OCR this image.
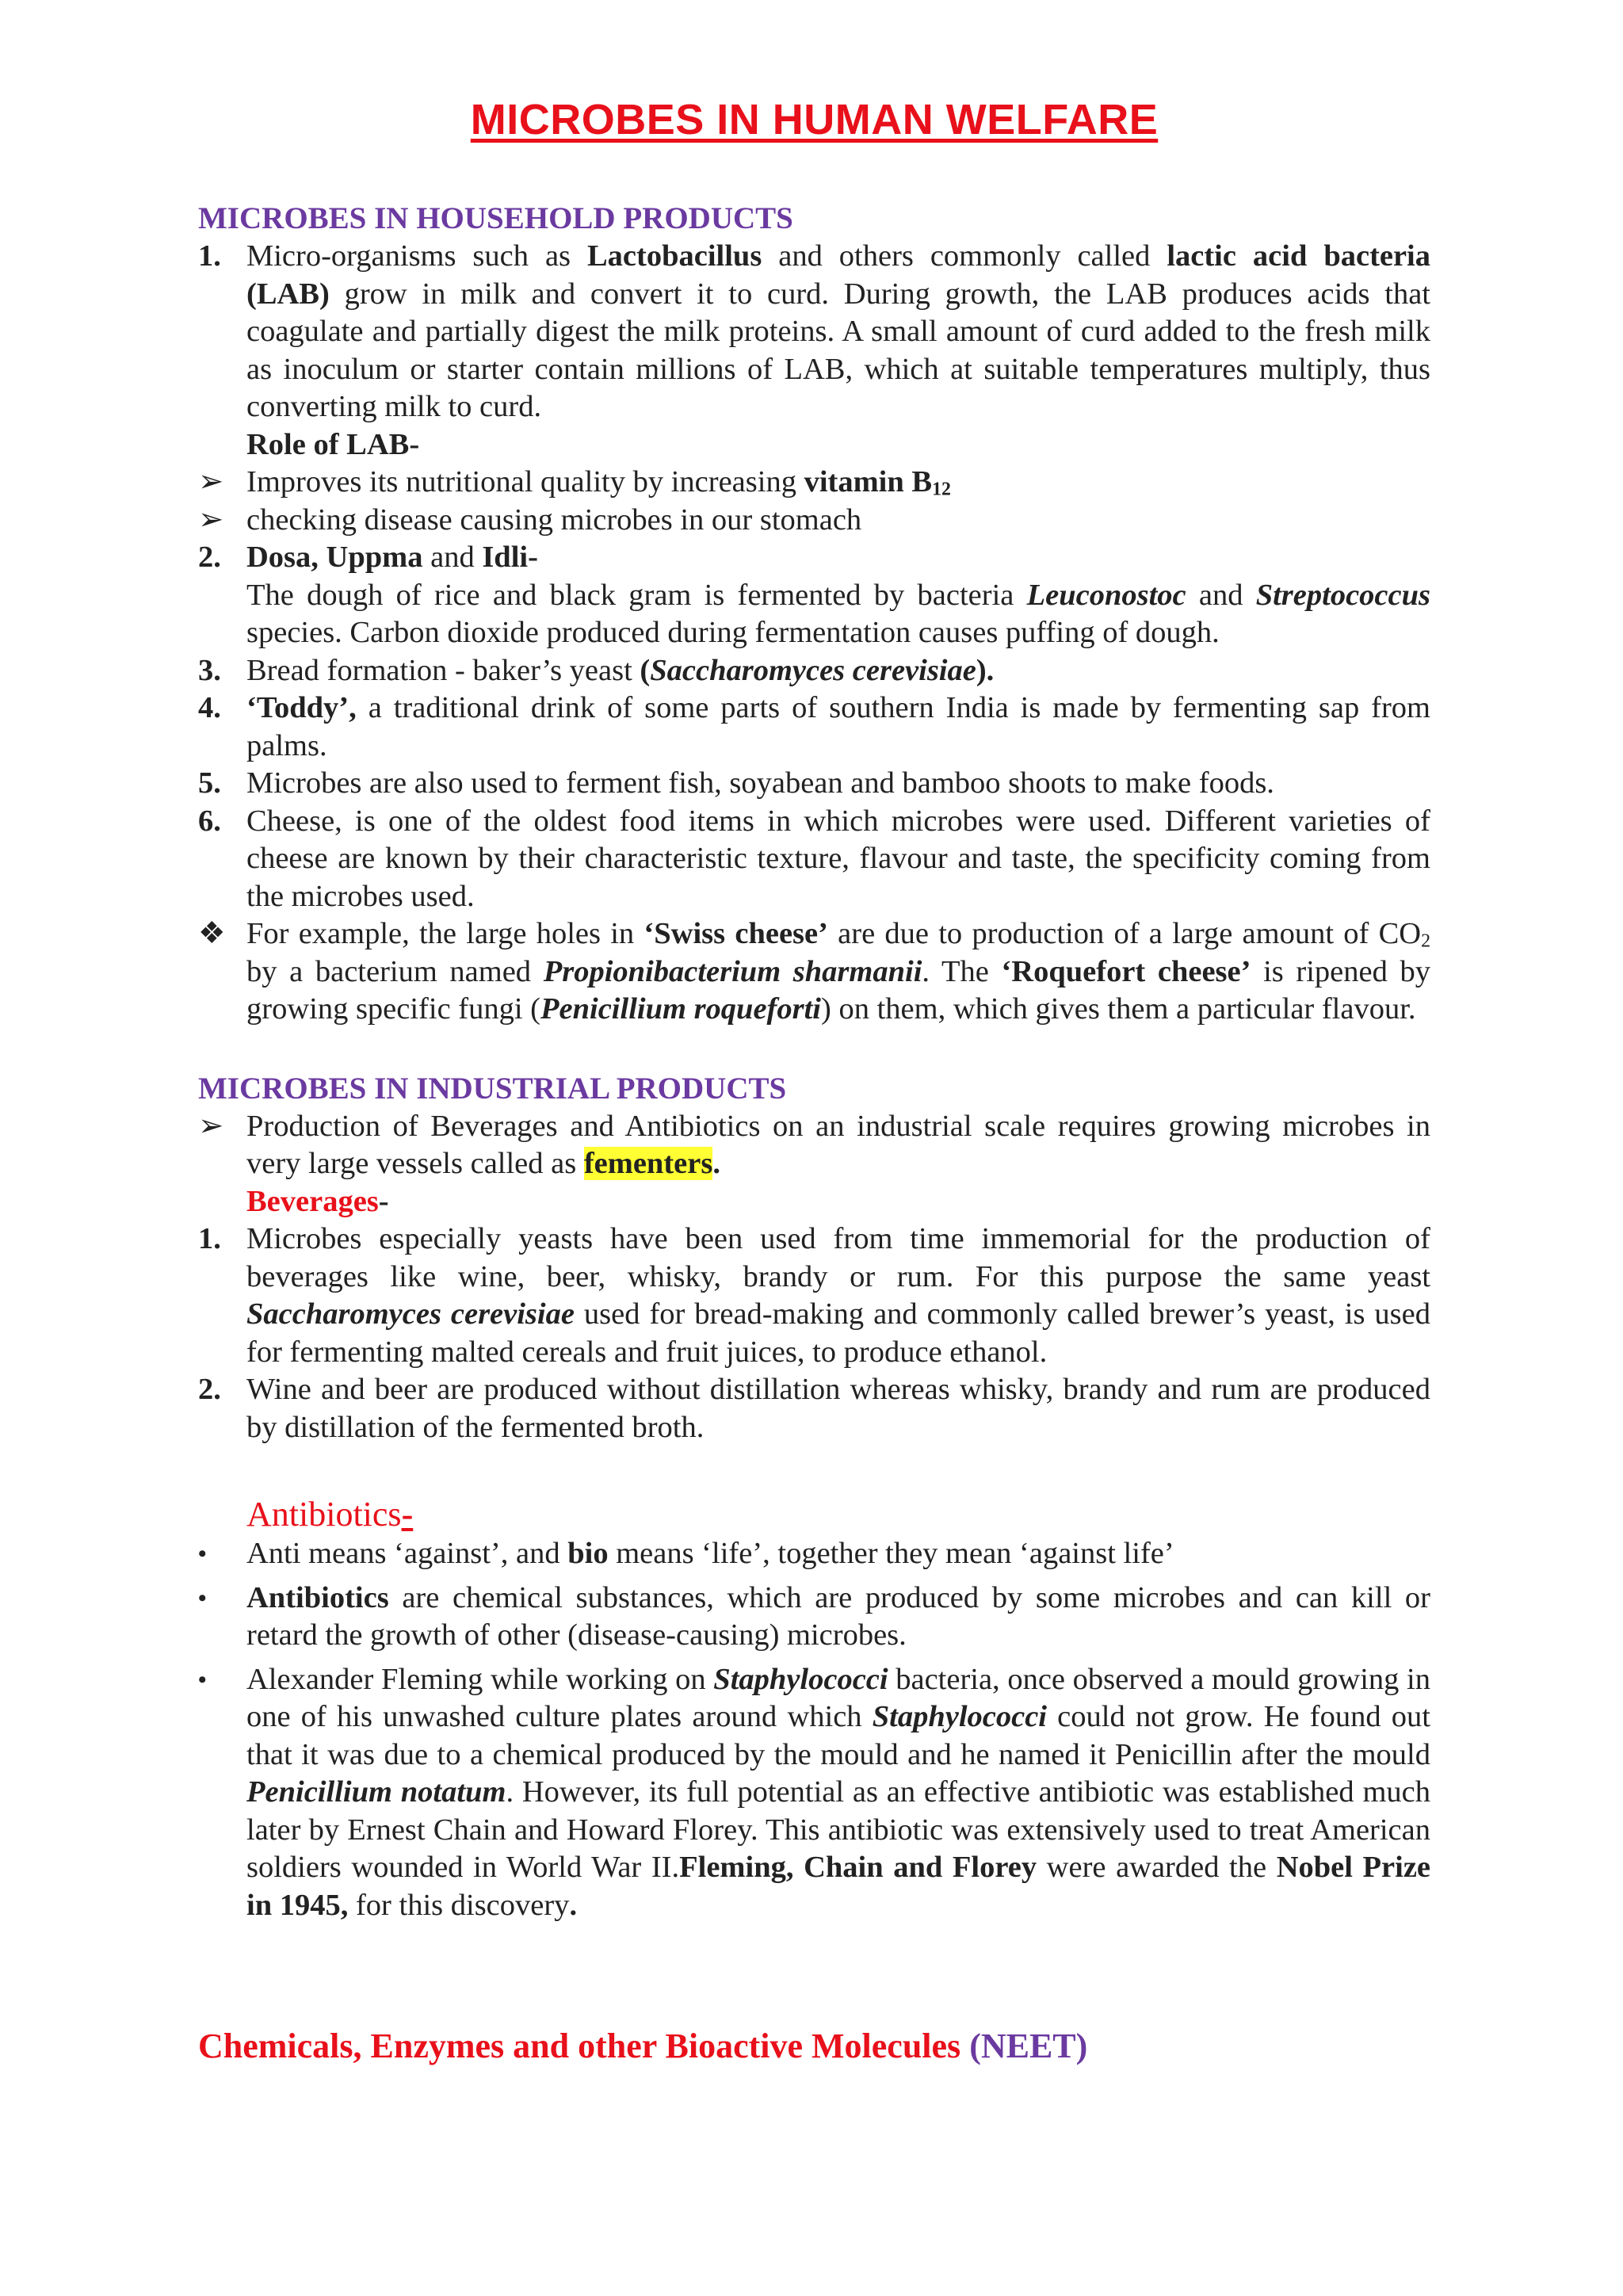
MICROBES IN HUMAN WELFARE

MICROBES IN HOUSEHOLD PRODUCTS

1. Micro-organisms such as Lactobacillus and others commonly called lactic acid bacteria (LAB) grow in milk and convert it to curd. During growth, the LAB produces acids that coagulate and partially digest the milk proteins. A small amount of curd added to the fresh milk as inoculum or starter contain millions of LAB, which at suitable temperatures multiply, thus converting milk to curd.
Role of LAB-
➢ Improves its nutritional quality by increasing vitamin $B_{12}$
➢ checking disease causing microbes in our stomach
2. Dosa, Uppma and Idli-
The dough of rice and black gram is fermented by bacteria Leuconostoc and Streptococcus species. Carbon dioxide produced during fermentation causes puffing of dough.
3. Bread formation - baker’s yeast (Saccharomyces cerevisiae).
4. ‘Toddy’, a traditional drink of some parts of southern India is made by fermenting sap from palms.
5. Microbes are also used to ferment fish, soyabean and bamboo shoots to make foods.
6. Cheese, is one of the oldest food items in which microbes were used. Different varieties of cheese are known by their characteristic texture, flavour and taste, the specificity coming from the microbes used.
❖ For example, the large holes in ‘Swiss cheese’ are due to production of a large amount of $CO_2$ by a bacterium named Propionibacterium sharmanii. The ‘Roquefort cheese’ is ripened by growing specific fungi (Penicillium roqueforti) on them, which gives them a particular flavour.

MICROBES IN INDUSTRIAL PRODUCTS

➢ Production of Beverages and Antibiotics on an industrial scale requires growing microbes in very large vessels called as fementers.
Beverages-
1. Microbes especially yeasts have been used from time immemorial for the production of beverages like wine, beer, whisky, brandy or rum. For this purpose the same yeast Saccharomyces cerevisiae used for bread-making and commonly called brewer’s yeast, is used for fermenting malted cereals and fruit juices, to produce ethanol.
2. Wine and beer are produced without distillation whereas whisky, brandy and rum are produced by distillation of the fermented broth.
Antibiotics-
• Anti means ‘against’, and bio means ‘life’, together they mean ‘against life’
• Antibiotics are chemical substances, which are produced by some microbes and can kill or retard the growth of other (disease-causing) microbes.
• Alexander Fleming while working on Staphylococci bacteria, once observed a mould growing in one of his unwashed culture plates around which Staphylococci could not grow. He found out that it was due to a chemical produced by the mould and he named it Penicillin after the mould Penicillium notatum. However, its full potential as an effective antibiotic was established much later by Ernest Chain and Howard Florey. This antibiotic was extensively used to treat American soldiers wounded in World War II.Fleming, Chain and Florey were awarded the Nobel Prize in 1945, for this discovery.
Chemicals, Enzymes and other Bioactive Molecules (NEET)
